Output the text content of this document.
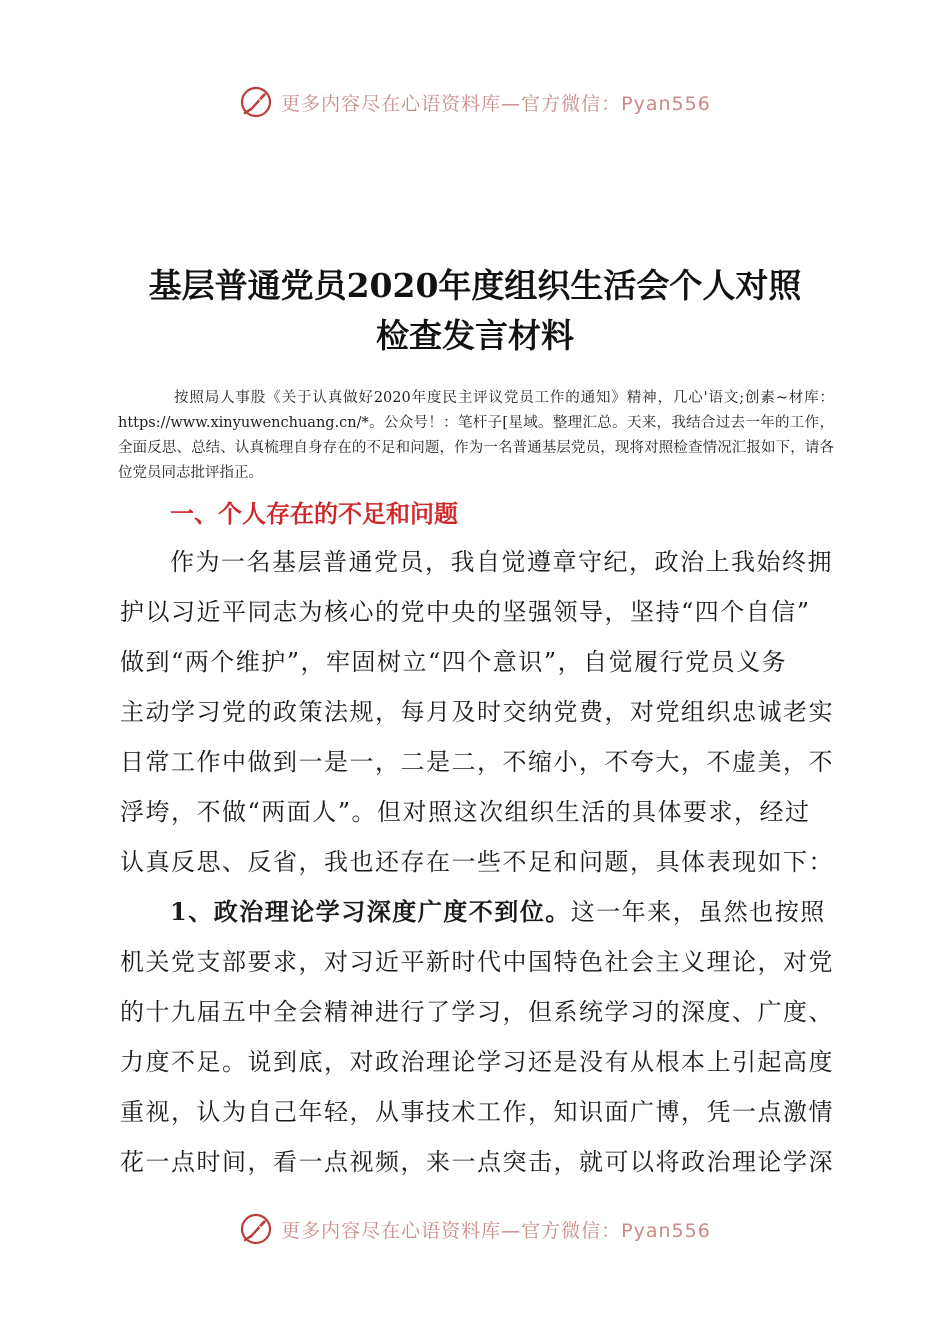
更多内容尽在心语资料库—官方微信：Pyan556
基层普通党员2020年度组织生活会个人对照
检查发言材料

按照局人事股《关于认真做好2020年度民主评议党员工作的通知》精神，几心'语文;创素~材库：https://www.xinyuwenchuang.cn/*。公众号！：笔杆子[星域。整理汇总。天来，我结合过去一年的工作，全面反思、总结、认真梳理自身存在的不足和问题，作为一名普通基层党员，现将对照检查情况汇报如下，请各位党员同志批评指正。

一、个人存在的不足和问题

作为一名基层普通党员，我自觉遵章守纪，政治上我始终拥

护以习近平同志为核心的党中央的坚强领导，坚持“四个自信”

做到“两个维护”，牢固树立“四个意识”，自觉履行党员义务

主动学习党的政策法规，每月及时交纳党费，对党组织忠诚老实

日常工作中做到一是一，二是二，不缩小，不夸大，不虚美，不

浮垮，不做“两面人”。但对照这次组织生活的具体要求，经过

认真反思、反省，我也还存在一些不足和问题，具体表现如下：

1、政治理论学习深度广度不到位。这一年来，虽然也按照

机关党支部要求，对习近平新时代中国特色社会主义理论，对党

的十九届五中全会精神进行了学习，但系统学习的深度、广度、

力度不足。说到底，对政治理论学习还是没有从根本上引起高度

重视，认为自己年轻，从事技术工作，知识面广博，凭一点激情

花一点时间，看一点视频，来一点突击，就可以将政治理论学深

更多内容尽在心语资料库—官方微信：Pyan556
